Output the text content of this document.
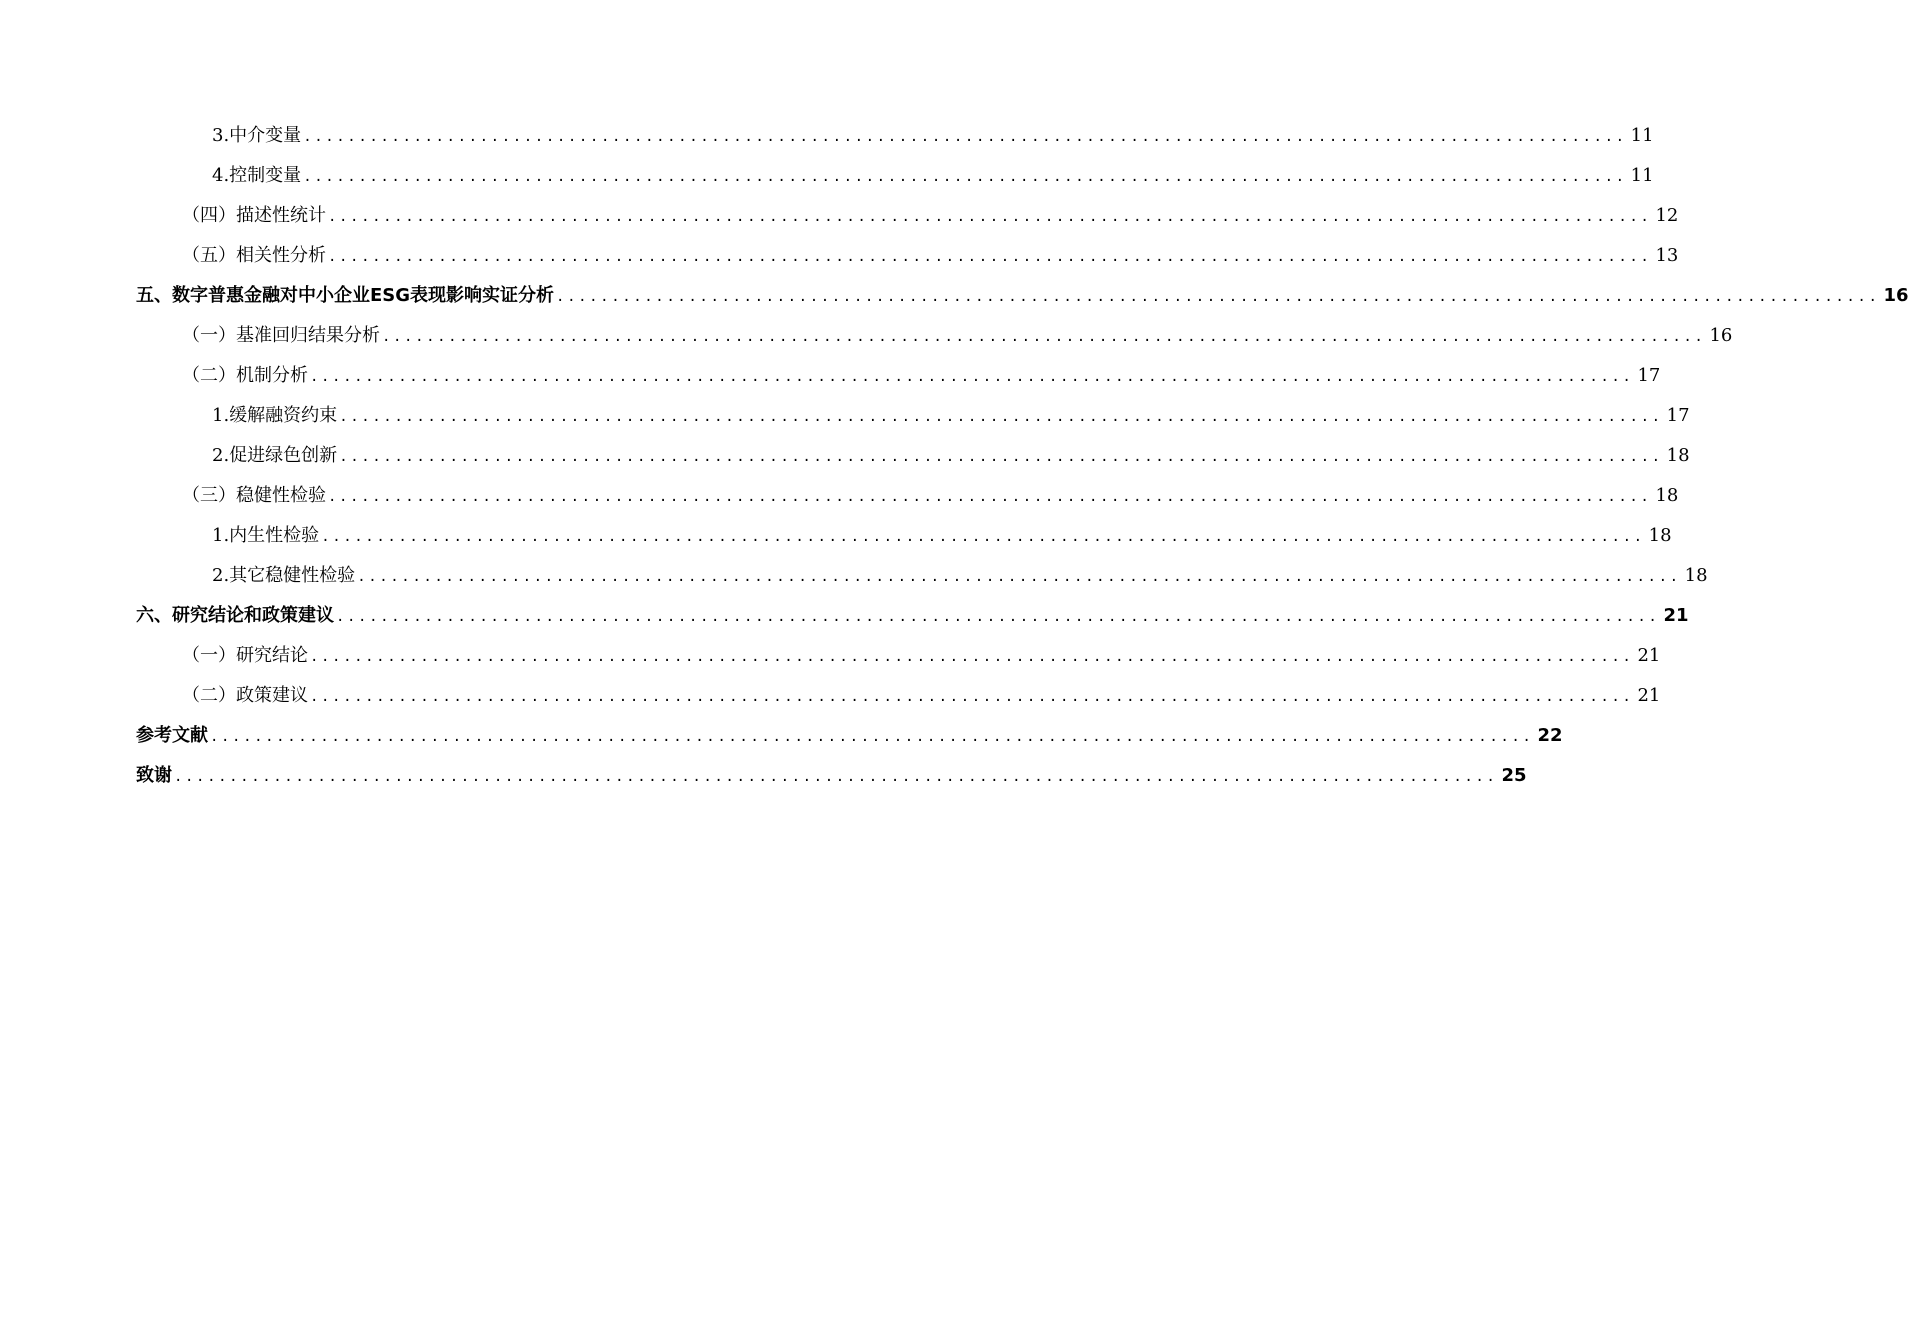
3.中介变量 ........................................................................................................................ 11
4.控制变量 ........................................................................................................................ 11
（四）描述性统计 ........................................................................................................................ 12
（五）相关性分析 ........................................................................................................................ 13
五、数字普惠金融对中小企业ESG表现影响实证分析 ........................................................................................................................ 16
（一）基准回归结果分析 ........................................................................................................................ 16
（二）机制分析 ........................................................................................................................ 17
1.缓解融资约束 ........................................................................................................................ 17
2.促进绿色创新 ........................................................................................................................ 18
（三）稳健性检验 ........................................................................................................................ 18
1.内生性检验 ........................................................................................................................ 18
2.其它稳健性检验 ........................................................................................................................ 18
六、研究结论和政策建议 ........................................................................................................................ 21
（一）研究结论 ........................................................................................................................ 21
（二）政策建议 ........................................................................................................................ 21
参考文献 ........................................................................................................................ 22
致谢 ........................................................................................................................ 25
